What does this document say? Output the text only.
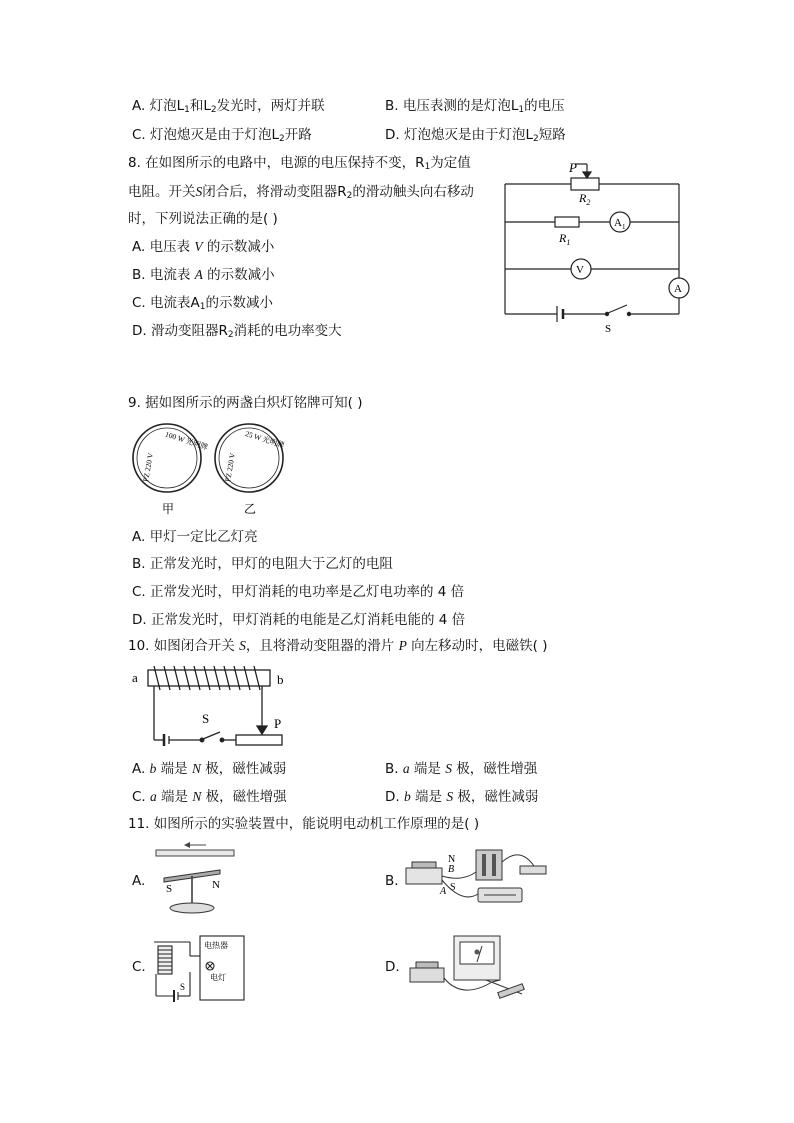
A. 灯泡$L_1$和$L_2$发光时，两灯并联	B. 电压表测的是灯泡$L_1$的电压
C. 灯泡熄灭是由于灯泡$L_2$开路	D. 灯泡熄灭是由于灯泡$L_2$短路
8. 在如图所示的电路中，电源的电压保持不变，$R_1$为定值
电阻。开关S闭合后，将滑动变阻器$R_2$的滑动触头向右移动
时，下列说法正确的是( )
A. 电压表 V 的示数减小
B. 电流表 A 的示数减小
C. 电流表$A_1$的示数减小
D. 滑动变阻器$R_2$消耗的电功率变大
P
$R_2$
$R_1$
$A_1$
V
A
S
9. 据如图所示的两盏白炽灯铭牌可知( )
100 W 光明牌
PZ 220 V
甲
25 W 光明牌
PZ 220 V
乙
A. 甲灯一定比乙灯亮
B. 正常发光时，甲灯的电阻大于乙灯的电阻
C. 正常发光时，甲灯消耗的电功率是乙灯电功率的 4 倍
D. 正常发光时，甲灯消耗的电能是乙灯消耗电能的 4 倍
10. 如图闭合开关 S，且将滑动变阻器的滑片 P 向左移动时，电磁铁( )
a	b
S	P
A. b 端是 N 极，磁性减弱	B. a 端是 S 极，磁性增强
C. a 端是 N 极，磁性增强	D. b 端是 S 极，磁性减弱
11. 如图所示的实验装置中，能说明电动机工作原理的是( )
A. S	N	B.
N
B
A S
C.
电热器
电灯
S
D.
